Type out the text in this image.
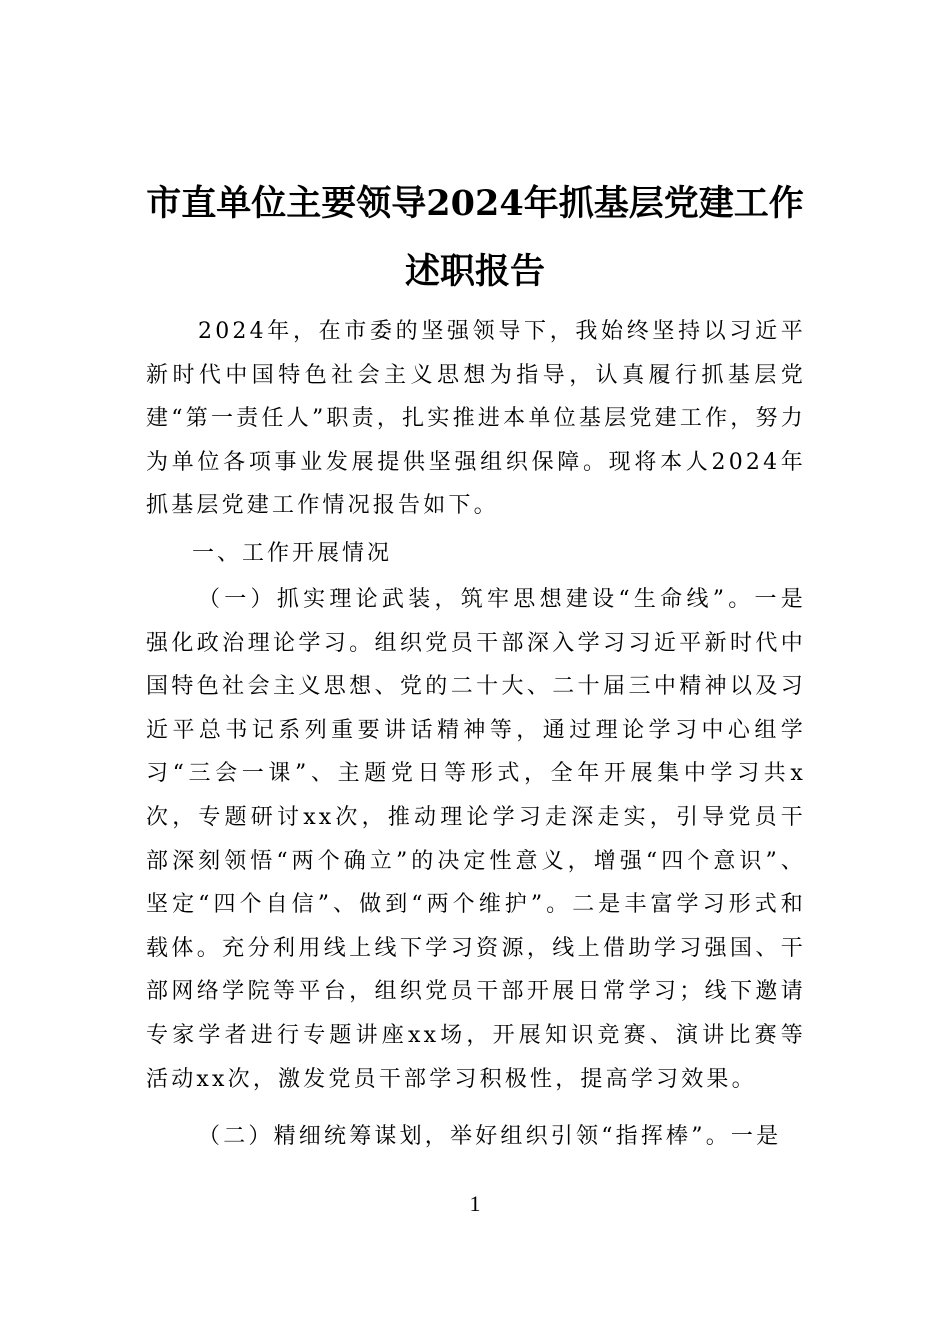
市直单位主要领导2024年抓基层党建工作
述职报告
2024年，在市委的坚强领导下，我始终坚持以习近平新时代中国特色社会主义思想为指导，认真履行抓基层党建“第一责任人”职责，扎实推进本单位基层党建工作，努力为单位各项事业发展提供坚强组织保障。现将本人2024年抓基层党建工作情况报告如下。
一、工作开展情况
（一）抓实理论武装，筑牢思想建设“生命线”。一是强化政治理论学习。组织党员干部深入学习习近平新时代中国特色社会主义思想、党的二十大、二十届三中精神以及习近平总书记系列重要讲话精神等，通过理论学习中心组学习“三会一课”、主题党日等形式，全年开展集中学习共x次，专题研讨xx次，推动理论学习走深走实，引导党员干部深刻领悟“两个确立”的决定性意义，增强“四个意识”、坚定“四个自信”、做到“两个维护”。二是丰富学习形式和载体。充分利用线上线下学习资源，线上借助学习强国、干部网络学院等平台，组织党员干部开展日常学习；线下邀请专家学者进行专题讲座xx场，开展知识竞赛、演讲比赛等活动xx次，激发党员干部学习积极性，提高学习效果。
（二）精细统筹谋划，举好组织引领“指挥棒”。一是
1
